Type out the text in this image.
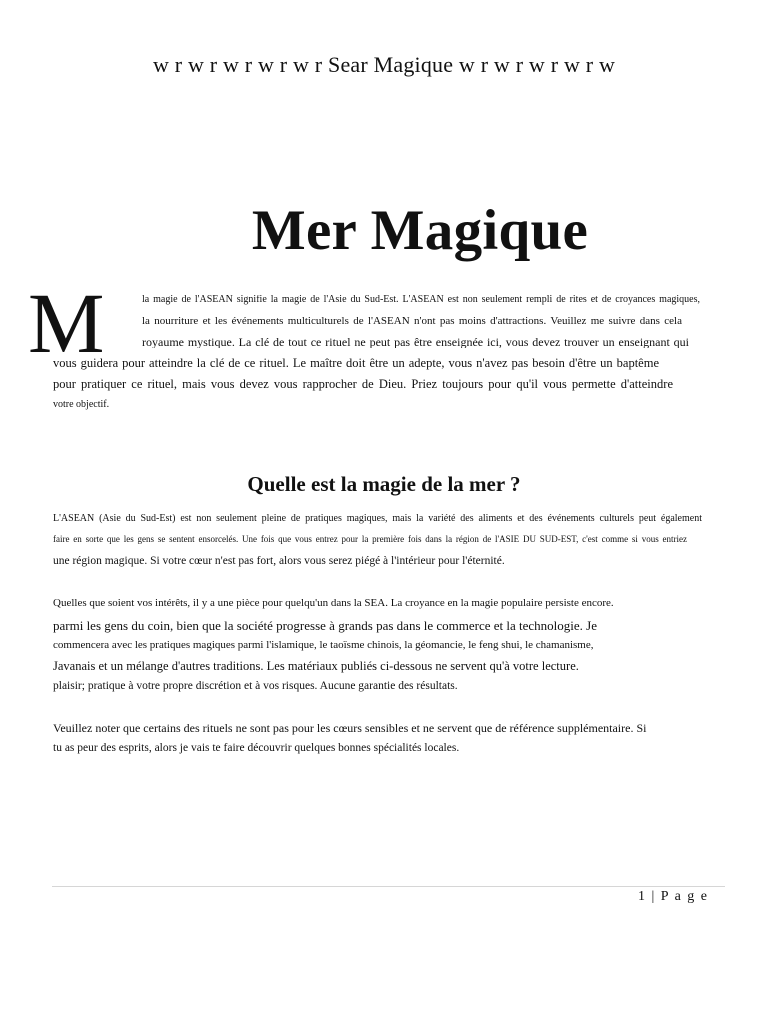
w r w r w r w r w r Sear Magique w r w r w r w r w
Mer Magique
M	la magie de l'ASEAN signifie la magie de l'Asie du Sud-Est. L'ASEAN est non seulement rempli de rites et de croyances magiques,
la nourriture et les événements multiculturels de l'ASEAN n'ont pas moins d'attractions. Veuillez me suivre dans cela
royaume mystique. La clé de tout ce rituel ne peut pas être enseignée ici, vous devez trouver un enseignant qui
vous guidera pour atteindre la clé de ce rituel. Le maître doit être un adepte, vous n'avez pas besoin d'être un baptême
pour pratiquer ce rituel, mais vous devez vous rapprocher de Dieu. Priez toujours pour qu'il vous permette d'atteindre
votre objectif.
Quelle est la magie de la mer ?
L'ASEAN (Asie du Sud-Est) est non seulement pleine de pratiques magiques, mais la variété des aliments et des événements culturels peut également
faire en sorte que les gens se sentent ensorcelés. Une fois que vous entrez pour la première fois dans la région de l'ASIE DU SUD-EST, c'est comme si vous entriez
une région magique. Si votre cœur n'est pas fort, alors vous serez piégé à l'intérieur pour l'éternité.
Quelles que soient vos intérêts, il y a une pièce pour quelqu'un dans la SEA. La croyance en la magie populaire persiste encore.
parmi les gens du coin, bien que la société progresse à grands pas dans le commerce et la technologie. Je
commencera avec les pratiques magiques parmi l'islamique, le taoïsme chinois, la géomancie, le feng shui, le chamanisme,
Javanais et un mélange d'autres traditions. Les matériaux publiés ci-dessous ne servent qu'à votre lecture.
plaisir; pratique à votre propre discrétion et à vos risques. Aucune garantie des résultats.
Veuillez noter que certains des rituels ne sont pas pour les cœurs sensibles et ne servent que de référence supplémentaire. Si
tu as peur des esprits, alors je vais te faire découvrir quelques bonnes spécialités locales.
1 | P a g e
